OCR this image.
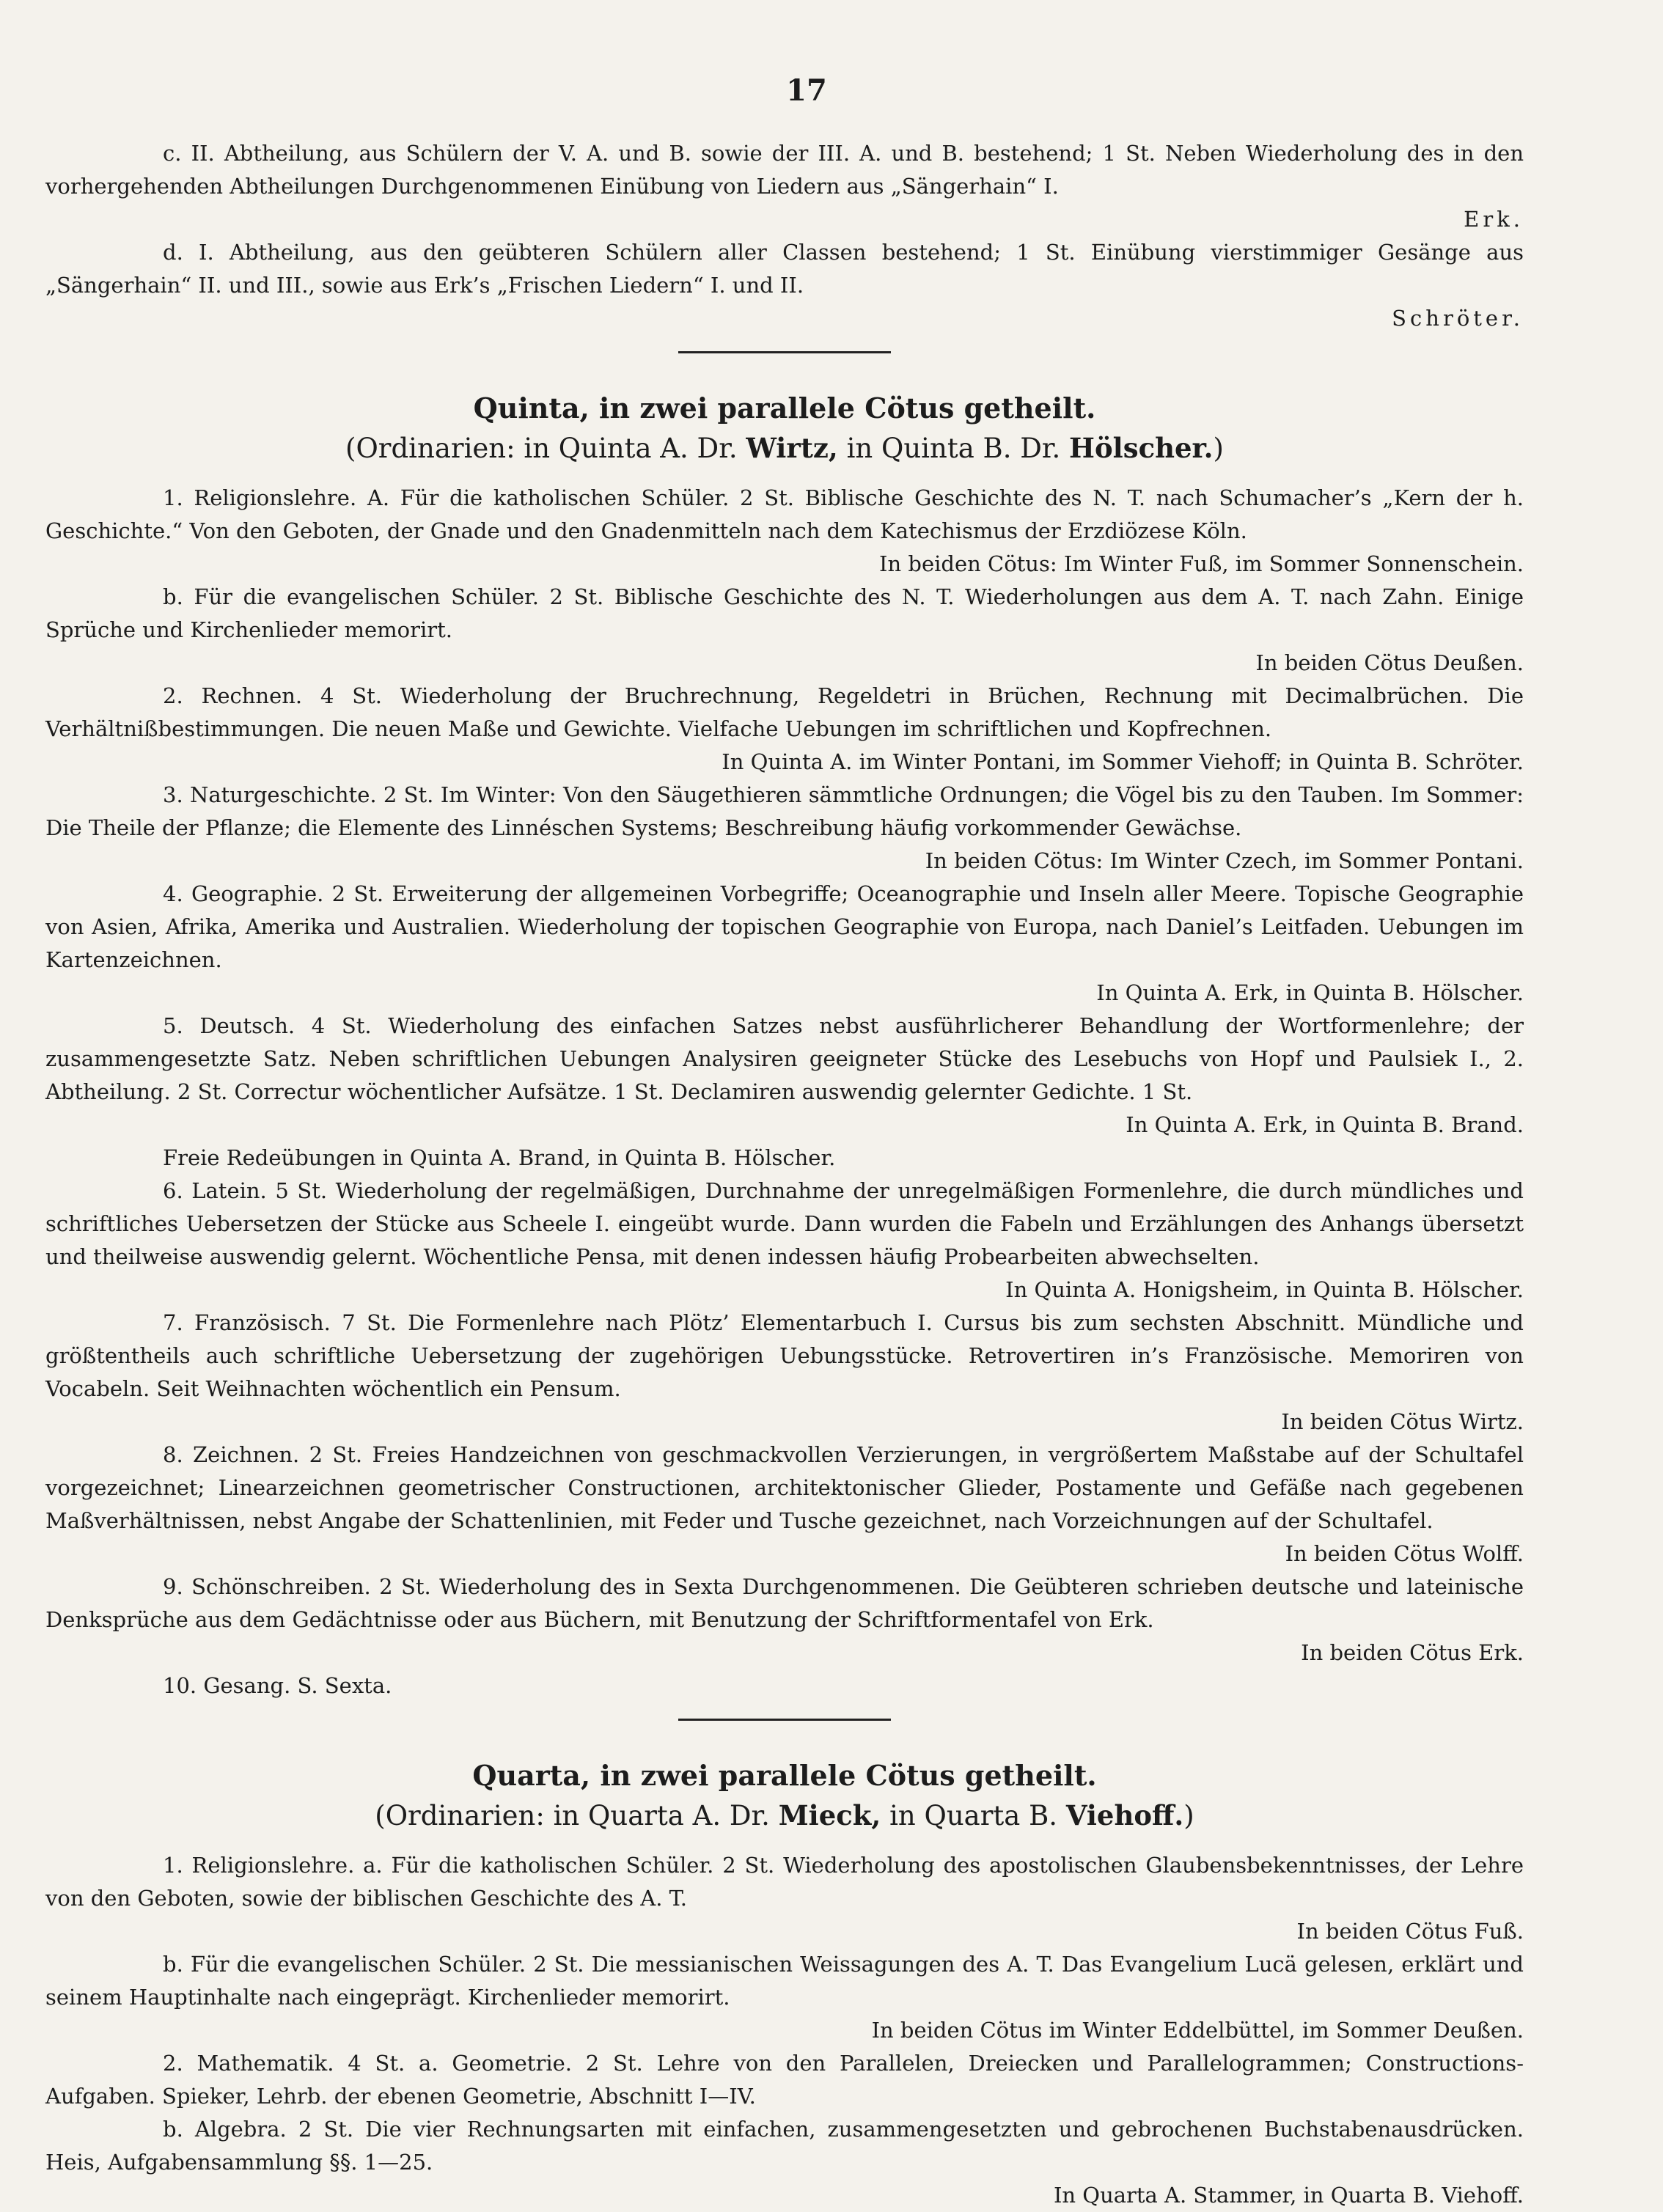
17

c. II. Abtheilung, aus Schülern der V. A. und B. sowie der III. A. und B. bestehend; 1 St. Neben Wiederholung des in den vorhergehenden Abtheilungen Durchgenommenen Einübung von Liedern aus „Sängerhain“ I.

Erk.

d. I. Abtheilung, aus den geübteren Schülern aller Classen bestehend; 1 St. Einübung vierstimmiger Gesänge aus „Sängerhain“ II. und III., sowie aus Erk’s „Frischen Liedern“ I. und II.

Schröter.

Quinta, in zwei parallele Cötus getheilt.
(Ordinarien: in Quinta A. Dr. Wirtz, in Quinta B. Dr. Hölscher.)

1. Religionslehre. A. Für die katholischen Schüler. 2 St. Biblische Geschichte des N. T. nach Schumacher’s „Kern der h. Geschichte.“ Von den Geboten, der Gnade und den Gnadenmitteln nach dem Katechismus der Erzdiözese Köln.

In beiden Cötus: Im Winter Fuß, im Sommer Sonnenschein.

b. Für die evangelischen Schüler. 2 St. Biblische Geschichte des N. T. Wiederholungen aus dem A. T. nach Zahn. Einige Sprüche und Kirchenlieder memorirt.

In beiden Cötus Deußen.

2. Rechnen. 4 St. Wiederholung der Bruchrechnung, Regeldetri in Brüchen, Rechnung mit Decimalbrüchen. Die Verhältnißbestimmungen. Die neuen Maße und Gewichte. Vielfache Uebungen im schriftlichen und Kopfrechnen.

In Quinta A. im Winter Pontani, im Sommer Viehoff; in Quinta B. Schröter.

3. Naturgeschichte. 2 St. Im Winter: Von den Säugethieren sämmtliche Ordnungen; die Vögel bis zu den Tauben. Im Sommer: Die Theile der Pflanze; die Elemente des Linnéschen Systems; Beschreibung häufig vorkommender Gewächse.

In beiden Cötus: Im Winter Czech, im Sommer Pontani.

4. Geographie. 2 St. Erweiterung der allgemeinen Vorbegriffe; Oceanographie und Inseln aller Meere. Topische Geographie von Asien, Afrika, Amerika und Australien. Wiederholung der topischen Geographie von Europa, nach Daniel’s Leitfaden. Uebungen im Kartenzeichnen.

In Quinta A. Erk, in Quinta B. Hölscher.

5. Deutsch. 4 St. Wiederholung des einfachen Satzes nebst ausführlicherer Behandlung der Wortformenlehre; der zusammengesetzte Satz. Neben schriftlichen Uebungen Analysiren geeigneter Stücke des Lesebuchs von Hopf und Paulsiek I., 2. Abtheilung. 2 St. Correctur wöchentlicher Aufsätze. 1 St. Declamiren auswendig gelernter Gedichte. 1 St.

In Quinta A. Erk, in Quinta B. Brand.

Freie Redeübungen in Quinta A. Brand, in Quinta B. Hölscher.

6. Latein. 5 St. Wiederholung der regelmäßigen, Durchnahme der unregelmäßigen Formenlehre, die durch mündliches und schriftliches Uebersetzen der Stücke aus Scheele I. eingeübt wurde. Dann wurden die Fabeln und Erzählungen des Anhangs übersetzt und theilweise auswendig gelernt. Wöchentliche Pensa, mit denen indessen häufig Probearbeiten abwechselten.

In Quinta A. Honigsheim, in Quinta B. Hölscher.

7. Französisch. 7 St. Die Formenlehre nach Plötz’ Elementarbuch I. Cursus bis zum sechsten Abschnitt. Mündliche und größtentheils auch schriftliche Uebersetzung der zugehörigen Uebungsstücke. Retrovertiren in’s Französische. Memoriren von Vocabeln. Seit Weihnachten wöchentlich ein Pensum.

In beiden Cötus Wirtz.

8. Zeichnen. 2 St. Freies Handzeichnen von geschmackvollen Verzierungen, in vergrößertem Maßstabe auf der Schultafel vorgezeichnet; Linearzeichnen geometrischer Constructionen, architektonischer Glieder, Postamente und Gefäße nach gegebenen Maßverhältnissen, nebst Angabe der Schattenlinien, mit Feder und Tusche gezeichnet, nach Vorzeichnungen auf der Schultafel.

In beiden Cötus Wolff.

9. Schönschreiben. 2 St. Wiederholung des in Sexta Durchgenommenen. Die Geübteren schrieben deutsche und lateinische Denksprüche aus dem Gedächtnisse oder aus Büchern, mit Benutzung der Schriftformentafel von Erk.

In beiden Cötus Erk.

10. Gesang. S. Sexta.

Quarta, in zwei parallele Cötus getheilt.
(Ordinarien: in Quarta A. Dr. Mieck, in Quarta B. Viehoff.)

1. Religionslehre. a. Für die katholischen Schüler. 2 St. Wiederholung des apostolischen Glaubensbekenntnisses, der Lehre von den Geboten, sowie der biblischen Geschichte des A. T.

In beiden Cötus Fuß.

b. Für die evangelischen Schüler. 2 St. Die messianischen Weissagungen des A. T. Das Evangelium Lucä gelesen, erklärt und seinem Hauptinhalte nach eingeprägt. Kirchenlieder memorirt.

In beiden Cötus im Winter Eddelbüttel, im Sommer Deußen.

2. Mathematik. 4 St. a. Geometrie. 2 St. Lehre von den Parallelen, Dreiecken und Parallelogrammen; Constructions-Aufgaben. Spieker, Lehrb. der ebenen Geometrie, Abschnitt I—IV.

b. Algebra. 2 St. Die vier Rechnungsarten mit einfachen, zusammengesetzten und gebrochenen Buchstabenausdrücken. Heis, Aufgabensammlung §§. 1—25.

In Quarta A. Stammer, in Quarta B. Viehoff.
